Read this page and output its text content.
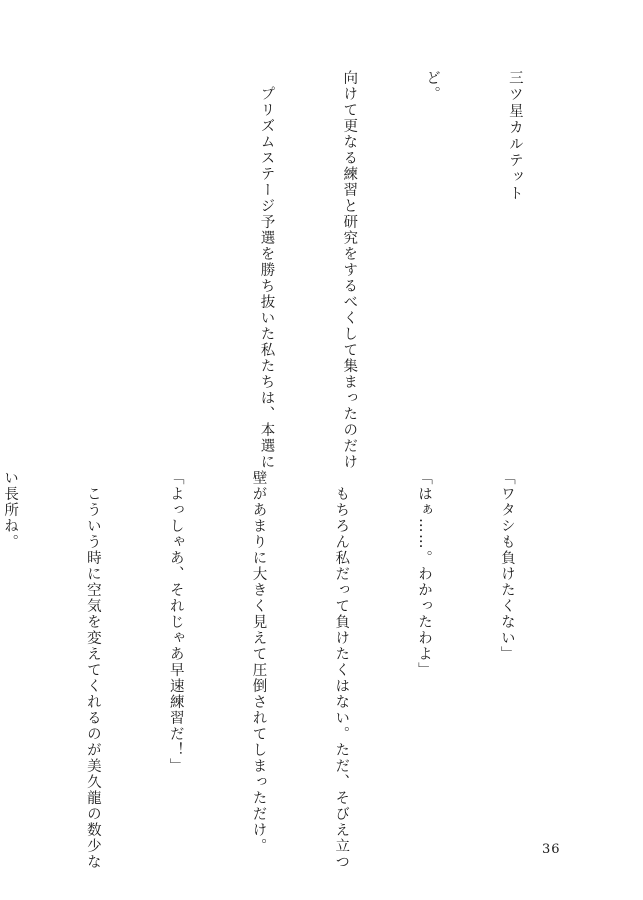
三ツ星カルテット

ど。

向けて更なる練習と研究をするべくして集まったのだけ

　プリズムステージ予選を勝ち抜いた私たちは、本選に

「ワタシも負けたくない」

「はぁ……。わかったわよ」

　もちろん私だって負けたくはない。ただ、そびえ立つ

壁があまりに大きく見えて圧倒されてしまっただけ。

「よっしゃあ、それじゃあ早速練習だ！」

　こういう時に空気を変えてくれるのが美久龍の数少な

い長所ね。

36
